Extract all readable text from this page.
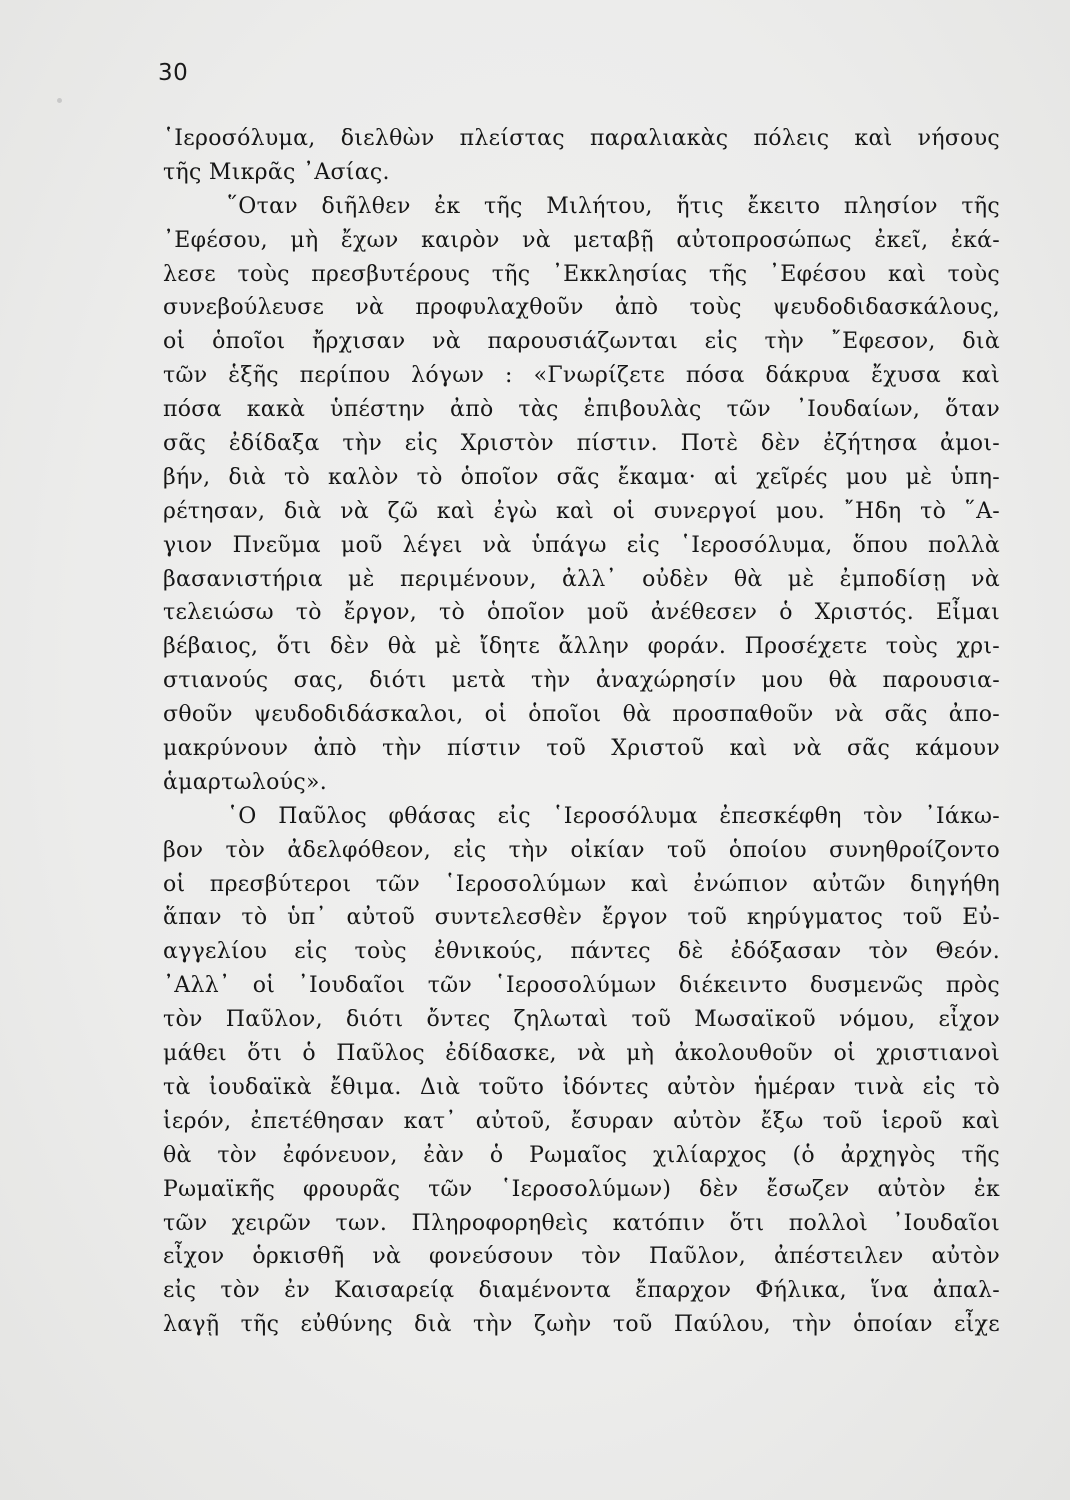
30
῾Ιεροσόλυμα, διελθὼν πλείστας παραλιακὰς πόλεις καὶ νήσους
τῆς Μικρᾶς ᾽Ασίας.
῞Οταν διῆλθεν ἐκ τῆς Μιλήτου, ἥτις ἔκειτο πλησίον τῆς
᾽Εφέσου, μὴ ἔχων καιρὸν νὰ μεταβῇ αὐτοπροσώπως ἐκεῖ, ἐκά-
λεσε τοὺς πρεσβυτέρους τῆς ᾽Εκκλησίας τῆς ᾽Εφέσου καὶ τοὺς
συνεβούλευσε νὰ προφυλαχθοῦν ἀπὸ τοὺς ψευδοδιδασκάλους,
οἱ ὁποῖοι ἤρχισαν νὰ παρουσιάζωνται εἰς τὴν ῎Εφεσον, διὰ
τῶν ἑξῆς περίπου λόγων : «Γνωρίζετε πόσα δάκρυα ἔχυσα καὶ
πόσα κακὰ ὑπέστην ἀπὸ τὰς ἐπιβουλὰς τῶν ᾽Ιουδαίων, ὅταν
σᾶς ἐδίδαξα τὴν εἰς Χριστὸν πίστιν. Ποτὲ δὲν ἐζήτησα ἀμοι-
βήν, διὰ τὸ καλὸν τὸ ὁποῖον σᾶς ἔκαμα· αἱ χεῖρές μου μὲ ὑπη-
ρέτησαν, διὰ νὰ ζῶ καὶ ἐγὼ καὶ οἱ συνεργοί μου. ῎Ηδη τὸ ῞Α-
γιον Πνεῦμα μοῦ λέγει νὰ ὑπάγω εἰς ῾Ιεροσόλυμα, ὅπου πολλὰ
βασανιστήρια μὲ περιμένουν, ἀλλ᾽ οὐδὲν θὰ μὲ ἐμποδίσῃ νὰ
τελειώσω τὸ ἔργον, τὸ ὁποῖον μοῦ ἀνέθεσεν ὁ Χριστός. Εἶμαι
βέβαιος, ὅτι δὲν θὰ μὲ ἴδητε ἄλλην φοράν. Προσέχετε τοὺς χρι-
στιανούς σας, διότι μετὰ τὴν ἀναχώρησίν μου θὰ παρουσια-
σθοῦν ψευδοδιδάσκαλοι, οἱ ὁποῖοι θὰ προσπαθοῦν νὰ σᾶς ἀπο-
μακρύνουν ἀπὸ τὴν πίστιν τοῦ Χριστοῦ καὶ νὰ σᾶς κάμουν
ἁμαρτωλούς».
῾Ο Παῦλος φθάσας εἰς ῾Ιεροσόλυμα ἐπεσκέφθη τὸν ᾽Ιάκω-
βον τὸν ἀδελφόθεον, εἰς τὴν οἰκίαν τοῦ ὁποίου συνηθροίζοντο
οἱ πρεσβύτεροι τῶν ῾Ιεροσολύμων καὶ ἐνώπιον αὐτῶν διηγήθη
ἅπαν τὸ ὑπ᾽ αὐτοῦ συντελεσθὲν ἔργον τοῦ κηρύγματος τοῦ Εὐ-
αγγελίου εἰς τοὺς ἐθνικούς, πάντες δὲ ἐδόξασαν τὸν Θεόν.
᾽Αλλ᾽ οἱ ᾽Ιουδαῖοι τῶν ῾Ιεροσολύμων διέκειντο δυσμενῶς πρὸς
τὸν Παῦλον, διότι ὄντες ζηλωταὶ τοῦ Μωσαϊκοῦ νόμου, εἶχον
μάθει ὅτι ὁ Παῦλος ἐδίδασκε, νὰ μὴ ἀκολουθοῦν οἱ χριστιανοὶ
τὰ ἰουδαϊκὰ ἔθιμα. Διὰ τοῦτο ἰδόντες αὐτὸν ἡμέραν τινὰ εἰς τὸ
ἱερόν, ἐπετέθησαν κατ᾽ αὐτοῦ, ἔσυραν αὐτὸν ἔξω τοῦ ἱεροῦ καὶ
θὰ τὸν ἐφόνευον, ἐὰν ὁ Ρωμαῖος χιλίαρχος (ὁ ἀρχηγὸς τῆς
Ρωμαϊκῆς φρουρᾶς τῶν ῾Ιεροσολύμων) δὲν ἔσωζεν αὐτὸν ἐκ
τῶν χειρῶν των. Πληροφορηθεὶς κατόπιν ὅτι πολλοὶ ᾽Ιουδαῖοι
εἶχον ὁρκισθῆ νὰ φονεύσουν τὸν Παῦλον, ἀπέστειλεν αὐτὸν
εἰς τὸν ἐν Καισαρείᾳ διαμένοντα ἔπαρχον Φήλικα, ἵνα ἀπαλ-
λαγῇ τῆς εὐθύνης διὰ τὴν ζωὴν τοῦ Παύλου, τὴν ὁποίαν εἶχε
